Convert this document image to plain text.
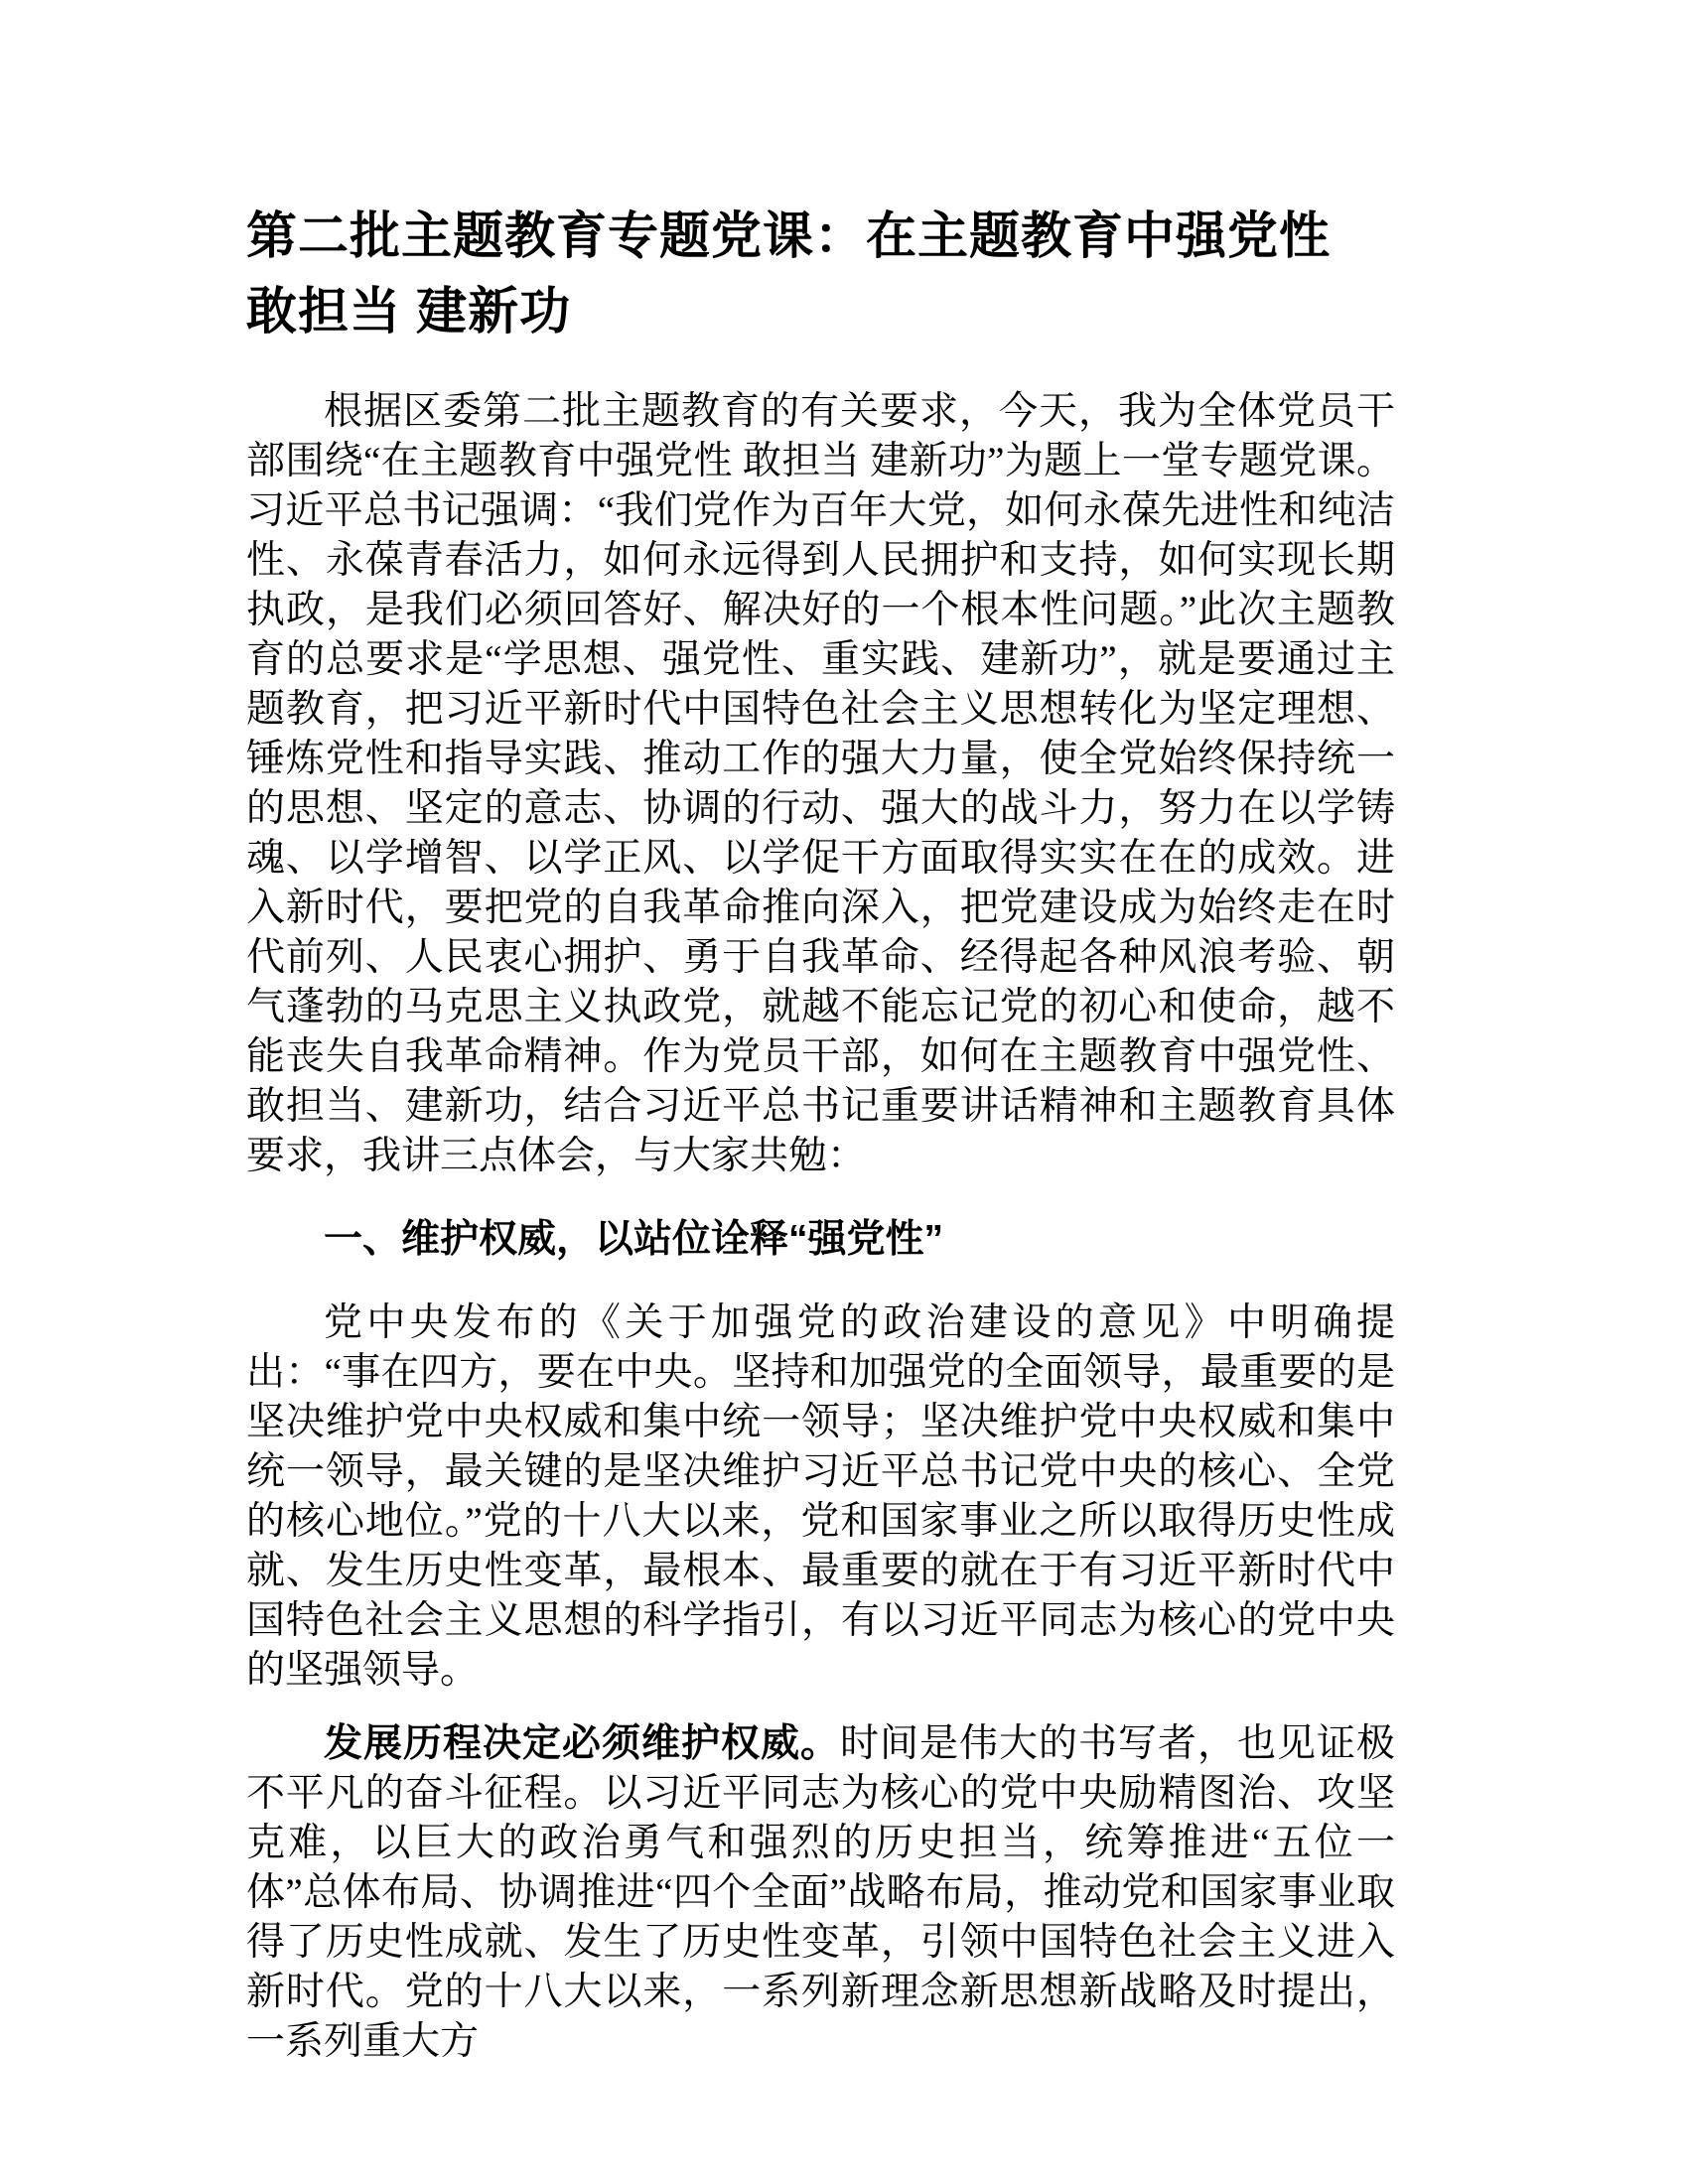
第二批主题教育专题党课：在主题教育中强党性 敢担当 建新功

根据区委第二批主题教育的有关要求，今天，我为全体党员干部围绕“在主题教育中强党性 敢担当 建新功”为题上一堂专题党课。习近平总书记强调：“我们党作为百年大党，如何永葆先进性和纯洁性、永葆青春活力，如何永远得到人民拥护和支持，如何实现长期执政，是我们必须回答好、解决好的一个根本性问题。”此次主题教育的总要求是“学思想、强党性、重实践、建新功”，就是要通过主题教育，把习近平新时代中国特色社会主义思想转化为坚定理想、锤炼党性和指导实践、推动工作的强大力量，使全党始终保持统一的思想、坚定的意志、协调的行动、强大的战斗力，努力在以学铸魂、以学增智、以学正风、以学促干方面取得实实在在的成效。进入新时代，要把党的自我革命推向深入，把党建设成为始终走在时代前列、人民衷心拥护、勇于自我革命、经得起各种风浪考验、朝气蓬勃的马克思主义执政党，就越不能忘记党的初心和使命，越不能丧失自我革命精神。作为党员干部，如何在主题教育中强党性、敢担当、建新功，结合习近平总书记重要讲话精神和主题教育具体要求，我讲三点体会，与大家共勉：

一、维护权威，以站位诠释“强党性”

党中央发布的《关于加强党的政治建设的意见》中明确提出：“事在四方，要在中央。坚持和加强党的全面领导，最重要的是坚决维护党中央权威和集中统一领导；坚决维护党中央权威和集中统一领导，最关键的是坚决维护习近平总书记党中央的核心、全党的核心地位。”党的十八大以来，党和国家事业之所以取得历史性成就、发生历史性变革，最根本、最重要的就在于有习近平新时代中国特色社会主义思想的科学指引，有以习近平同志为核心的党中央的坚强领导。

发展历程决定必须维护权威。时间是伟大的书写者，也见证极不平凡的奋斗征程。以习近平同志为核心的党中央励精图治、攻坚克难，以巨大的政治勇气和强烈的历史担当，统筹推进“五位一体”总体布局、协调推进“四个全面”战略布局，推动党和国家事业取得了历史性成就、发生了历史性变革，引领中国特色社会主义进入新时代。党的十八大以来，一系列新理念新思想新战略及时提出，一系列重大方
